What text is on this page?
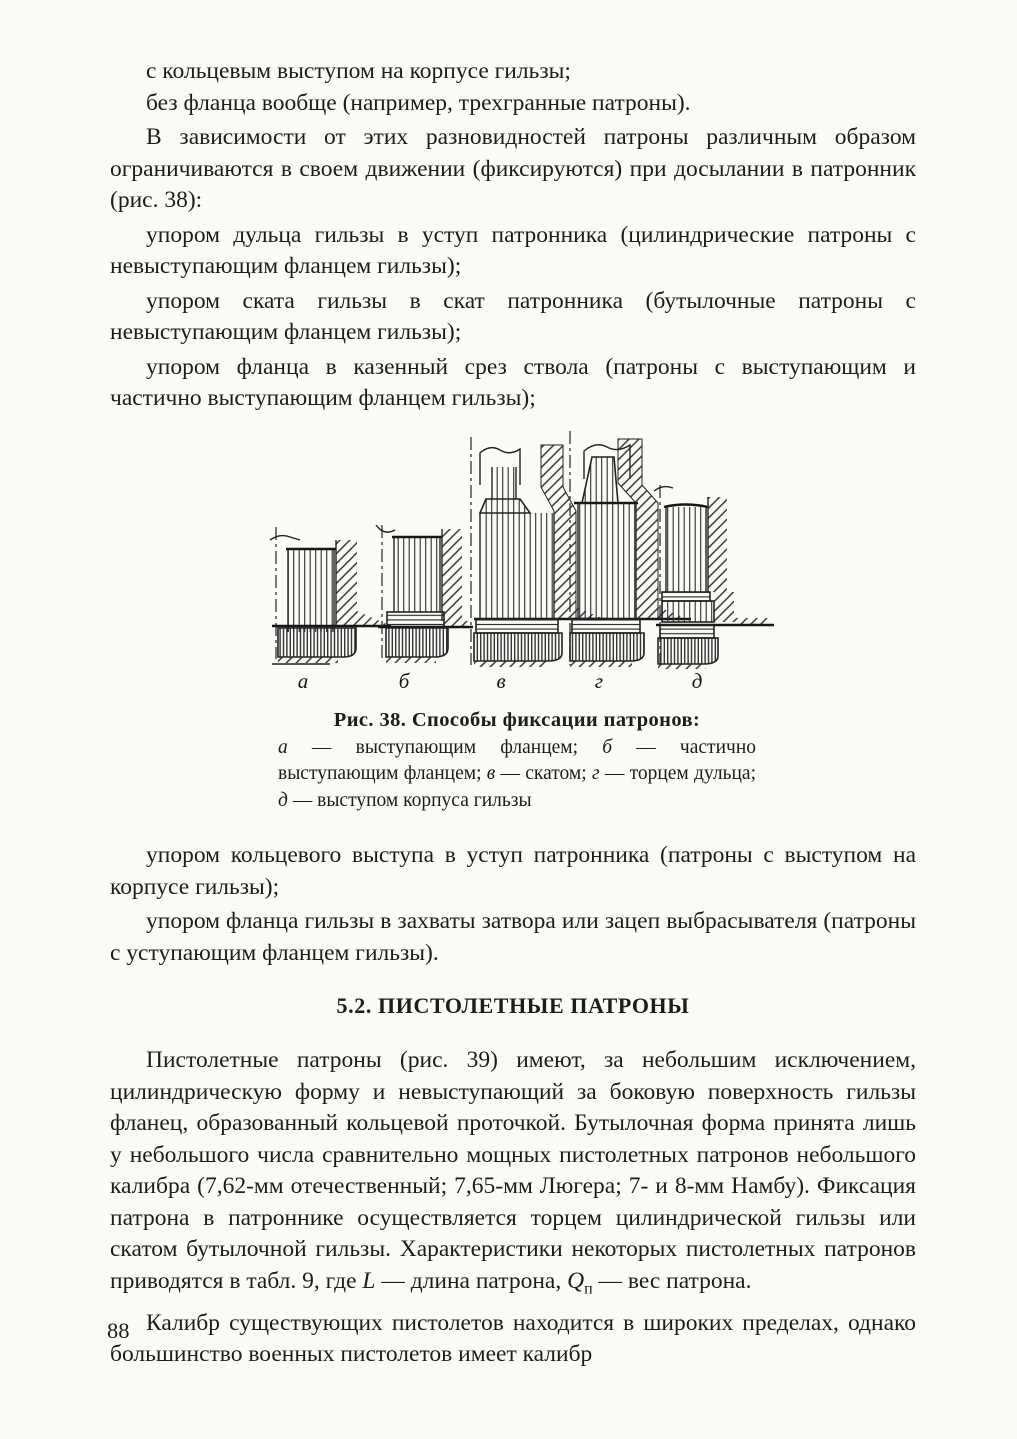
с кольцевым выступом на корпусе гильзы;

без фланца вообще (например, трехгранные патроны).

В зависимости от этих разновидностей патроны различным образом ограничиваются в своем движении (фиксируются) при досылании в патронник (рис. 38):

упором дульца гильзы в уступ патронника (цилиндрические патроны с невыступающим фланцем гильзы);

упором ската гильзы в скат патронника (бутылочные патроны с невыступающим фланцем гильзы);

упором фланца в казенный срез ствола (патроны с выступающим и частично выступающим фланцем гильзы);

а	б	в	г	д
Рис. 38. Способы фиксации патронов:
а — выступающим фланцем; б — частично выступающим фланцем; в — скатом; г — торцем дульца; д — выступом корпуса гильзы

упором кольцевого выступа в уступ патронника (патроны с выступом на корпусе гильзы);

упором фланца гильзы в захваты затвора или зацеп выбрасывателя (патроны с уступающим фланцем гильзы).

5.2. ПИСТОЛЕТНЫЕ ПАТРОНЫ

Пистолетные патроны (рис. 39) имеют, за небольшим исключением, цилиндрическую форму и невыступающий за боковую поверхность гильзы фланец, образованный кольцевой проточкой. Бутылочная форма принята лишь у небольшого числа сравнительно мощных пистолетных патронов небольшого калибра (7,62-мм отечественный; 7,65-мм Люгера; 7- и 8-мм Намбу). Фиксация патрона в патроннике осуществляется торцем цилиндрической гильзы или скатом бутылочной гильзы. Характеристики некоторых пистолетных патронов приводятся в табл. 9, где L — длина патрона, $Q_п$ — вес патрона.

Калибр существующих пистолетов находится в широких пределах, однако большинство военных пистолетов имеет калибр

88
